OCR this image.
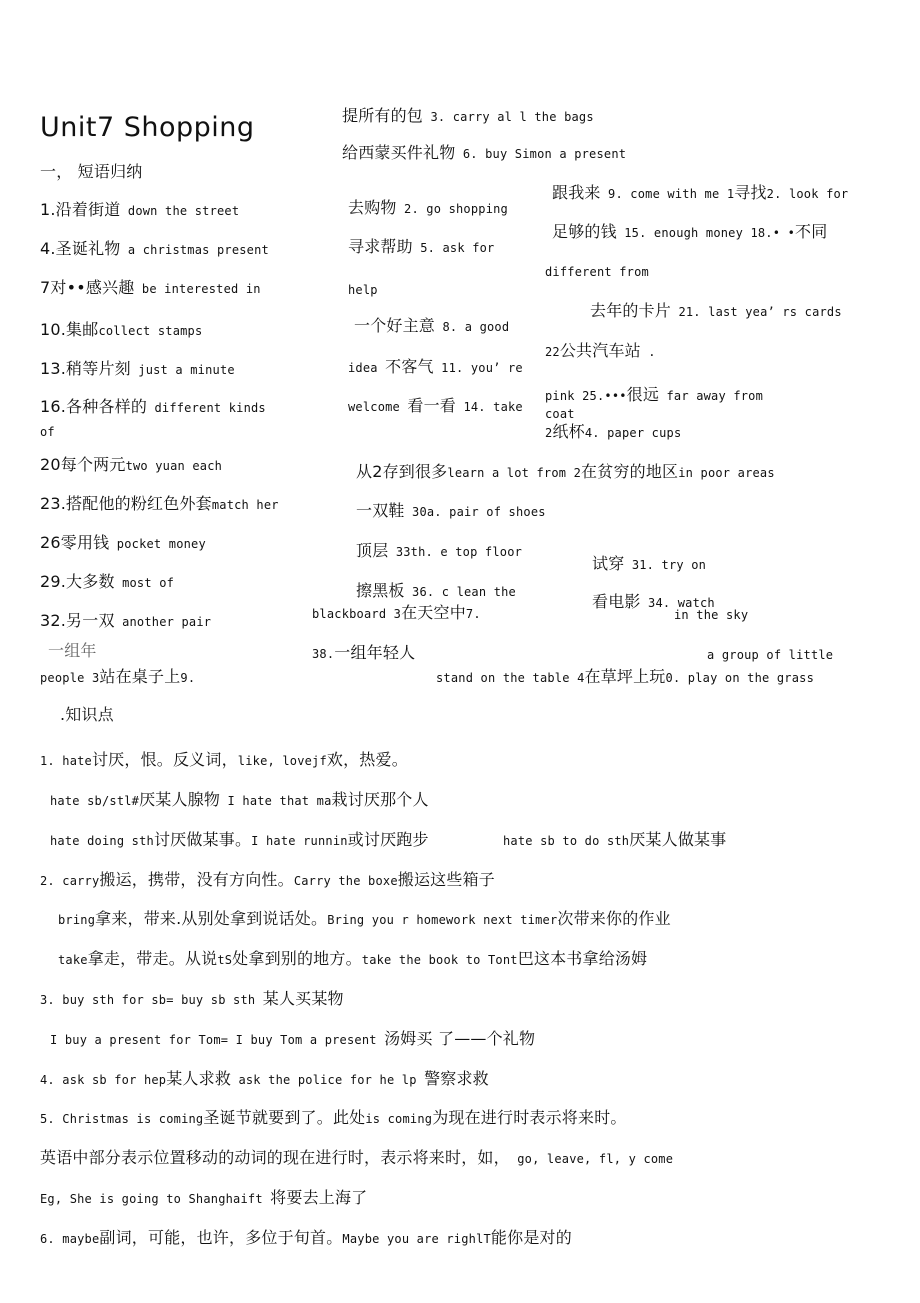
Unit7 Shopping
一， 短语归纳
1.沿着街道 down the street
4.圣诞礼物 a christmas present
7对••感兴趣 be interested in
10.集邮collect stamps
13.稍等片刻 just a minute
16.各种各样的 different kinds
of
20每个两元two yuan each
23.搭配他的粉红色外套match her
26零用钱 pocket money
29.大多数 most of
32.另一双 another pair
提所有的包 3. carry al l the bags
给西蒙买件礼物 6. buy Simon a present
去购物 2. go shopping
寻求帮助 5. ask for
help
一个好主意 8. a good
idea 不客气 11. you’ re
welcome 看一看 14. take
从2存到很多learn a lot from 2在贫穷的地区in poor areas
一双鞋 30a. pair of shoes
顶层 33th. e top floor
擦黑板 36. c lean the
blackboard 3在天空中7.
38.一组年轻人
跟我来 9. come with me 1寻找2. look for
足够的钱 15. enough money 18.• •不同
different from
去年的卡片 21. last yea’ rs cards
22公共汽车站 .
pink 25.•••很远 far away from
coat
2纸杯4. paper cups
试穿 31. try on
看电影 34. watch
in the sky
a group of little
people 3站在桌子上9.	stand on the table 4在草坪上玩0. play on the grass
一组年
.知识点
1. hate讨厌，恨。反义词，like, lovejf欢，热爱。
hate sb/stl#厌某人腺物 I hate that ma栽讨厌那个人
hate doing sth讨厌做某事。I hate runnin或讨厌跑步	hate sb to do sth厌某人做某事
2. carry搬运，携带，没有方向性。Carry the boxe搬运这些箱子
bring拿来，带来.从别处拿到说话处。Bring you r homework next timer次带来你的作业
take拿走，带走。从说tS处拿到别的地方。take the book to Tont巴这本书拿给汤姆
3. buy sth for sb= buy sb sth 某人买某物
I buy a present for Tom= I buy Tom a present 汤姆买 了——个礼物
4. ask sb for hep某人求救 ask the police for he lp 警察求救
5. Christmas is coming圣诞节就要到了。此处is coming为现在进行时表示将来时。
英语中部分表示位置移动的动词的现在进行时，表示将来时，如， go, leave, fl, y come
Eg, She is going to Shanghaift 将要去上海了
6. maybe副词，可能，也许，多位于旬首。Maybe you are righlT能你是对的
